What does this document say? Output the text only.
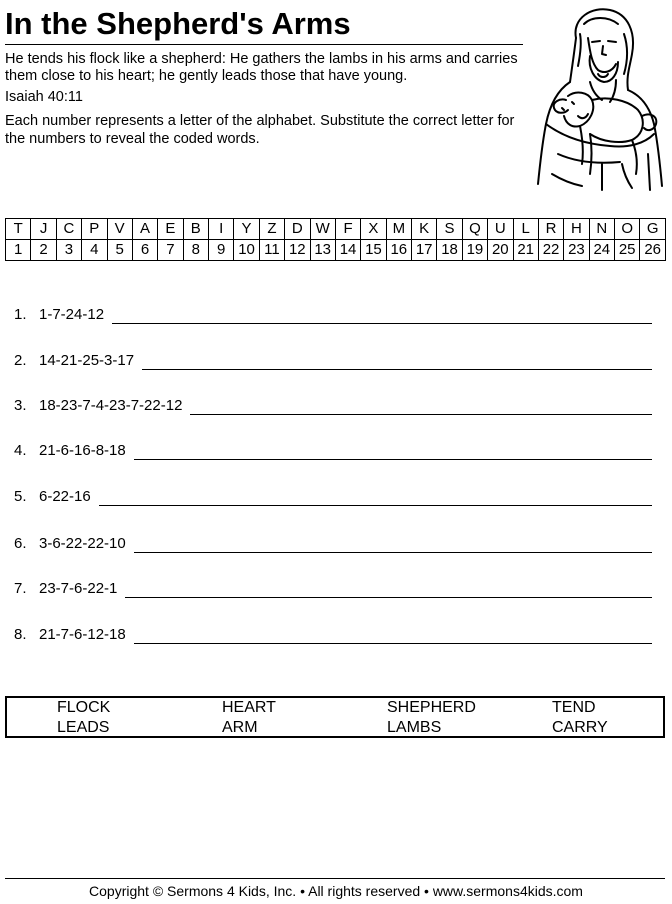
In the Shepherd's Arms

He tends his flock like a shepherd: He gathers the lambs in his arms and carries them close to his heart; he gently leads those that have young.

Isaiah 40:11

Each number represents a letter of the alphabet. Substitute the correct letter for the numbers to reveal the coded words.

T	J	C	P	V	A	E	B	I	Y	Z	D	W	F	X	M	K	S	Q	U	L	R	H	N	O	G
1	2	3	4	5	6	7	8	9	10	11	12	13	14	15	16	17	18	19	20	21	22	23	24	25	26
1. 1-7-24-12
2. 14-21-25-3-17
3. 18-23-7-4-23-7-22-12
4. 21-6-16-8-18
5. 6-22-16
6. 3-6-22-22-10
7. 23-7-6-22-1
8. 21-7-6-12-18
FLOCK	HEART	SHEPHERD	TEND
LEADS	ARM	LAMBS	CARRY
Copyright © Sermons 4 Kids, Inc. • All rights reserved • www.sermons4kids.com
